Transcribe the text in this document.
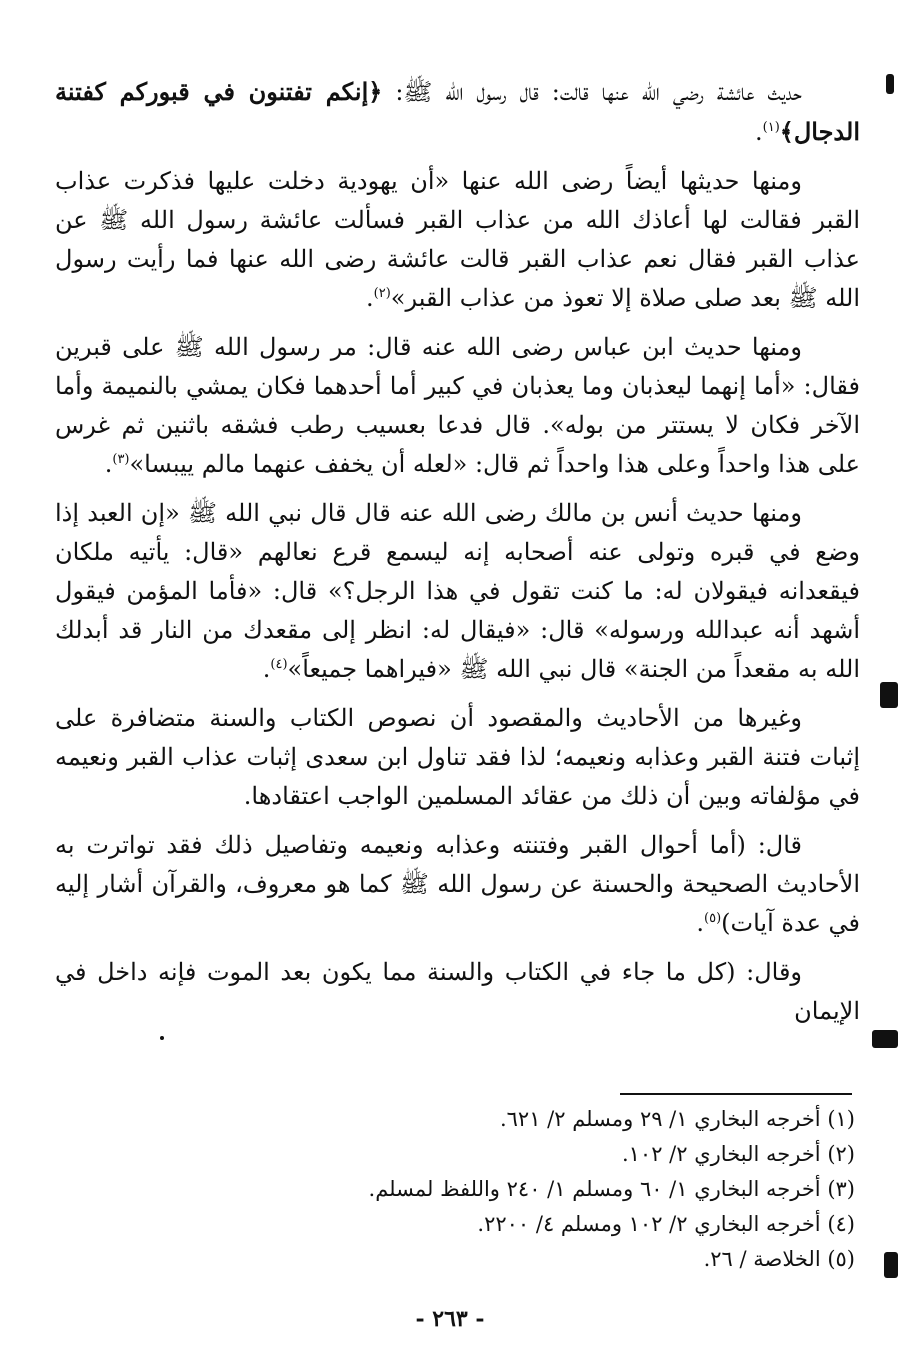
حديث عائشة رضي الله عنها قالت: قال رسول الله ﷺ: ﴿إنكم تفتنون في قبوركم كفتنة الدجال﴾$^{(١)}$.

ومنها حديثها أيضاً رضى الله عنها «أن يهودية دخلت عليها فذكرت عذاب القبر فقالت لها أعاذك الله من عذاب القبر فسألت عائشة رسول الله ﷺ عن عذاب القبر فقال نعم عذاب القبر قالت عائشة رضى الله عنها فما رأيت رسول الله ﷺ بعد صلى صلاة إلا تعوذ من عذاب القبر»$^{(٢)}$.

ومنها حديث ابن عباس رضى الله عنه قال: مر رسول الله ﷺ على قبرين فقال: «أما إنهما ليعذبان وما يعذبان في كبير أما أحدهما فكان يمشي بالنميمة وأما الآخر فكان لا يستتر من بوله». قال فدعا بعسيب رطب فشقه باثنين ثم غرس على هذا واحداً وعلى هذا واحداً ثم قال: «لعله أن يخفف عنهما مالم ييبسا»$^{(٣)}$.

ومنها حديث أنس بن مالك رضى الله عنه قال قال نبي الله ﷺ «إن العبد إذا وضع في قبره وتولى عنه أصحابه إنه ليسمع قرع نعالهم «قال: يأتيه ملكان فيقعدانه فيقولان له: ما كنت تقول في هذا الرجل؟» قال: «فأما المؤمن فيقول أشهد أنه عبدالله ورسوله» قال: «فيقال له: انظر إلى مقعدك من النار قد أبدلك الله به مقعداً من الجنة» قال نبي الله ﷺ «فيراهما جميعاً»$^{(٤)}$.

وغيرها من الأحاديث والمقصود أن نصوص الكتاب والسنة متضافرة على إثبات فتنة القبر وعذابه ونعيمه؛ لذا فقد تناول ابن سعدى إثبات عذاب القبر ونعيمه في مؤلفاته وبين أن ذلك من عقائد المسلمين الواجب اعتقادها.

قال: (أما أحوال القبر وفتنته وعذابه ونعيمه وتفاصيل ذلك فقد تواترت به الأحاديث الصحيحة والحسنة عن رسول الله ﷺ كما هو معروف، والقرآن أشار إليه في عدة آيات)$^{(٥)}$.

وقال: (كل ما جاء في الكتاب والسنة مما يكون بعد الموت فإنه داخل في الإيمان

(١) أخرجه البخاري ١/ ٢٩ ومسلم ٢/ ٦٢١.

(٢) أخرجه البخاري ٢/ ١٠٢.

(٣) أخرجه البخاري ١/ ٦٠ ومسلم ١/ ٢٤٠ واللفظ لمسلم.

(٤) أخرجه البخاري ٢/ ١٠٢ ومسلم ٤/ ٢٢٠٠.

(٥) الخلاصة / ٢٦.

- ٢٦٣ -
